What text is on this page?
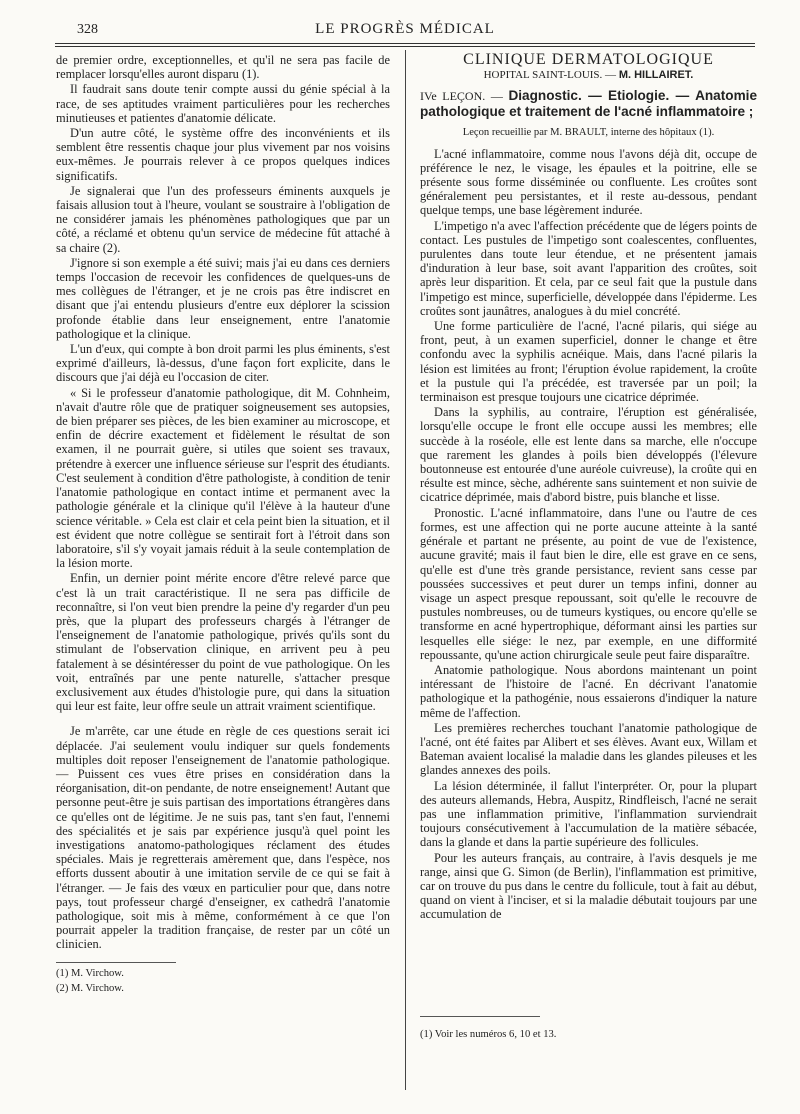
328	LE PROGRÈS MÉDICAL

de premier ordre, exceptionnelles, et qu'il ne sera pas facile de remplacer lorsqu'elles auront disparu (1).

Il faudrait sans doute tenir compte aussi du génie spécial à la race, de ses aptitudes vraiment particulières pour les recherches minutieuses et patientes d'anatomie délicate.

D'un autre côté, le système offre des inconvénients et ils semblent être ressentis chaque jour plus vivement par nos voisins eux-mêmes. Je pourrais relever à ce propos quelques indices significatifs.

Je signalerai que l'un des professeurs éminents auxquels je faisais allusion tout à l'heure, voulant se soustraire à l'obligation de ne considérer jamais les phénomènes pathologiques que par un côté, a réclamé et obtenu qu'un service de médecine fût attaché à sa chaire (2).

J'ignore si son exemple a été suivi; mais j'ai eu dans ces derniers temps l'occasion de recevoir les confidences de quelques-uns de mes collègues de l'étranger, et je ne crois pas être indiscret en disant que j'ai entendu plusieurs d'entre eux déplorer la scission profonde établie dans leur enseignement, entre l'anatomie pathologique et la clinique.

L'un d'eux, qui compte à bon droit parmi les plus éminents, s'est exprimé d'ailleurs, là-dessus, d'une façon fort explicite, dans le discours que j'ai déjà eu l'occasion de citer.

« Si le professeur d'anatomie pathologique, dit M. Cohnheim, n'avait d'autre rôle que de pratiquer soigneusement ses autopsies, de bien préparer ses pièces, de les bien examiner au microscope, et enfin de décrire exactement et fidèlement le résultat de son examen, il ne pourrait guère, si utiles que soient ses travaux, prétendre à exercer une influence sérieuse sur l'esprit des étudiants. C'est seulement à condition d'être pathologiste, à condition de tenir l'anatomie pathologique en contact intime et permanent avec la pathologie générale et la clinique qu'il l'élève à la hauteur d'une science véritable. » Cela est clair et cela peint bien la situation, et il est évident que notre collègue se sentirait fort à l'étroit dans son laboratoire, s'il s'y voyait jamais réduit à la seule contemplation de la lésion morte.

Enfin, un dernier point mérite encore d'être relevé parce que c'est là un trait caractéristique. Il ne sera pas difficile de reconnaître, si l'on veut bien prendre la peine d'y regarder d'un peu près, que la plupart des professeurs chargés à l'étranger de l'enseignement de l'anatomie pathologique, privés qu'ils sont du stimulant de l'observation clinique, en arrivent peu à peu fatalement à se désintéresser du point de vue pathologique. On les voit, entraînés par une pente naturelle, s'attacher presque exclusivement aux études d'histologie pure, qui dans la situation qui leur est faite, leur offre seule un attrait vraiment scientifique.

Je m'arrête, car une étude en règle de ces questions serait ici déplacée. J'ai seulement voulu indiquer sur quels fondements multiples doit reposer l'enseignement de l'anatomie pathologique. — Puissent ces vues être prises en considération dans la réorganisation, dit-on pendante, de notre enseignement! Autant que personne peut-être je suis partisan des importations étrangères dans ce qu'elles ont de légitime. Je ne suis pas, tant s'en faut, l'ennemi des spécialités et je sais par expérience jusqu'à quel point les investigations anatomo-pathologiques réclament des études spéciales. Mais je regretterais amèrement que, dans l'espèce, nos efforts dussent aboutir à une imitation servile de ce qui se fait à l'étranger. — Je fais des vœux en particulier pour que, dans notre pays, tout professeur chargé d'enseigner, ex cathedrâ l'anatomie pathologique, soit mis à même, conformément à ce que l'on pourrait appeler la tradition française, de rester par un côté un clinicien.

(1) M. Virchow.

(2) M. Virchow.

CLINIQUE DERMATOLOGIQUE

HOPITAL SAINT-LOUIS. — M. HILLAIRET.

IVe LEÇON. — Diagnostic. — Etiologie. — Anatomie pathologique et traitement de l'acné inflammatoire ;

Leçon recueillie par M. BRAULT, interne des hôpitaux (1).

L'acné inflammatoire, comme nous l'avons déjà dit, occupe de préférence le nez, le visage, les épaules et la poitrine, elle se présente sous forme disséminée ou confluente. Les croûtes sont généralement peu persistantes, et il reste au-dessous, pendant quelque temps, une base légèrement indurée.

L'impetigo n'a avec l'affection précédente que de légers points de contact. Les pustules de l'impetigo sont coalescentes, confluentes, purulentes dans toute leur étendue, et ne présentent jamais d'induration à leur base, soit avant l'apparition des croûtes, soit après leur disparition. Et cela, par ce seul fait que la pustule dans l'impetigo est mince, superficielle, développée dans l'épiderme. Les croûtes sont jaunâtres, analogues à du miel concrété.

Une forme particulière de l'acné, l'acné pilaris, qui siége au front, peut, à un examen superficiel, donner le change et être confondu avec la syphilis acnéique. Mais, dans l'acné pilaris la lésion est limitées au front; l'éruption évolue rapidement, la croûte et la pustule qui l'a précédée, est traversée par un poil; la terminaison est presque toujours une cicatrice déprimée.

Dans la syphilis, au contraire, l'éruption est généralisée, lorsqu'elle occupe le front elle occupe aussi les membres; elle succède à la roséole, elle est lente dans sa marche, elle n'occupe que rarement les glandes à poils bien développés (l'élevure boutonneuse est entourée d'une auréole cuivreuse), la croûte qui en résulte est mince, sèche, adhérente sans suintement et non suivie de cicatrice déprimée, mais d'abord bistre, puis blanche et lisse.

Pronostic. L'acné inflammatoire, dans l'une ou l'autre de ces formes, est une affection qui ne porte aucune atteinte à la santé générale et partant ne présente, au point de vue de l'existence, aucune gravité; mais il faut bien le dire, elle est grave en ce sens, qu'elle est d'une très grande persistance, revient sans cesse par poussées successives et peut durer un temps infini, donner au visage un aspect presque repoussant, soit qu'elle le recouvre de pustules nombreuses, ou de tumeurs kystiques, ou encore qu'elle se transforme en acné hypertrophique, déformant ainsi les parties sur lesquelles elle siége: le nez, par exemple, en une difformité repoussante, qu'une action chirurgicale seule peut faire disparaître.

Anatomie pathologique. Nous abordons maintenant un point intéressant de l'histoire de l'acné. En décrivant l'anatomie pathologique et la pathogénie, nous essaierons d'indiquer la nature même de l'affection.

Les premières recherches touchant l'anatomie pathologique de l'acné, ont été faites par Alibert et ses élèves. Avant eux, Willam et Bateman avaient localisé la maladie dans les glandes pileuses et les glandes annexes des poils.

La lésion déterminée, il fallut l'interpréter. Or, pour la plupart des auteurs allemands, Hebra, Auspitz, Rindfleisch, l'acné ne serait pas une inflammation primitive, l'inflammation surviendrait toujours consécutivement à l'accumulation de la matière sébacée, dans la glande et dans la partie supérieure des follicules.

Pour les auteurs français, au contraire, à l'avis desquels je me range, ainsi que G. Simon (de Berlin), l'inflammation est primitive, car on trouve du pus dans le centre du follicule, tout à fait au début, quand on vient à l'inciser, et si la maladie débutait toujours par une accumulation de

(1) Voir les numéros 6, 10 et 13.
